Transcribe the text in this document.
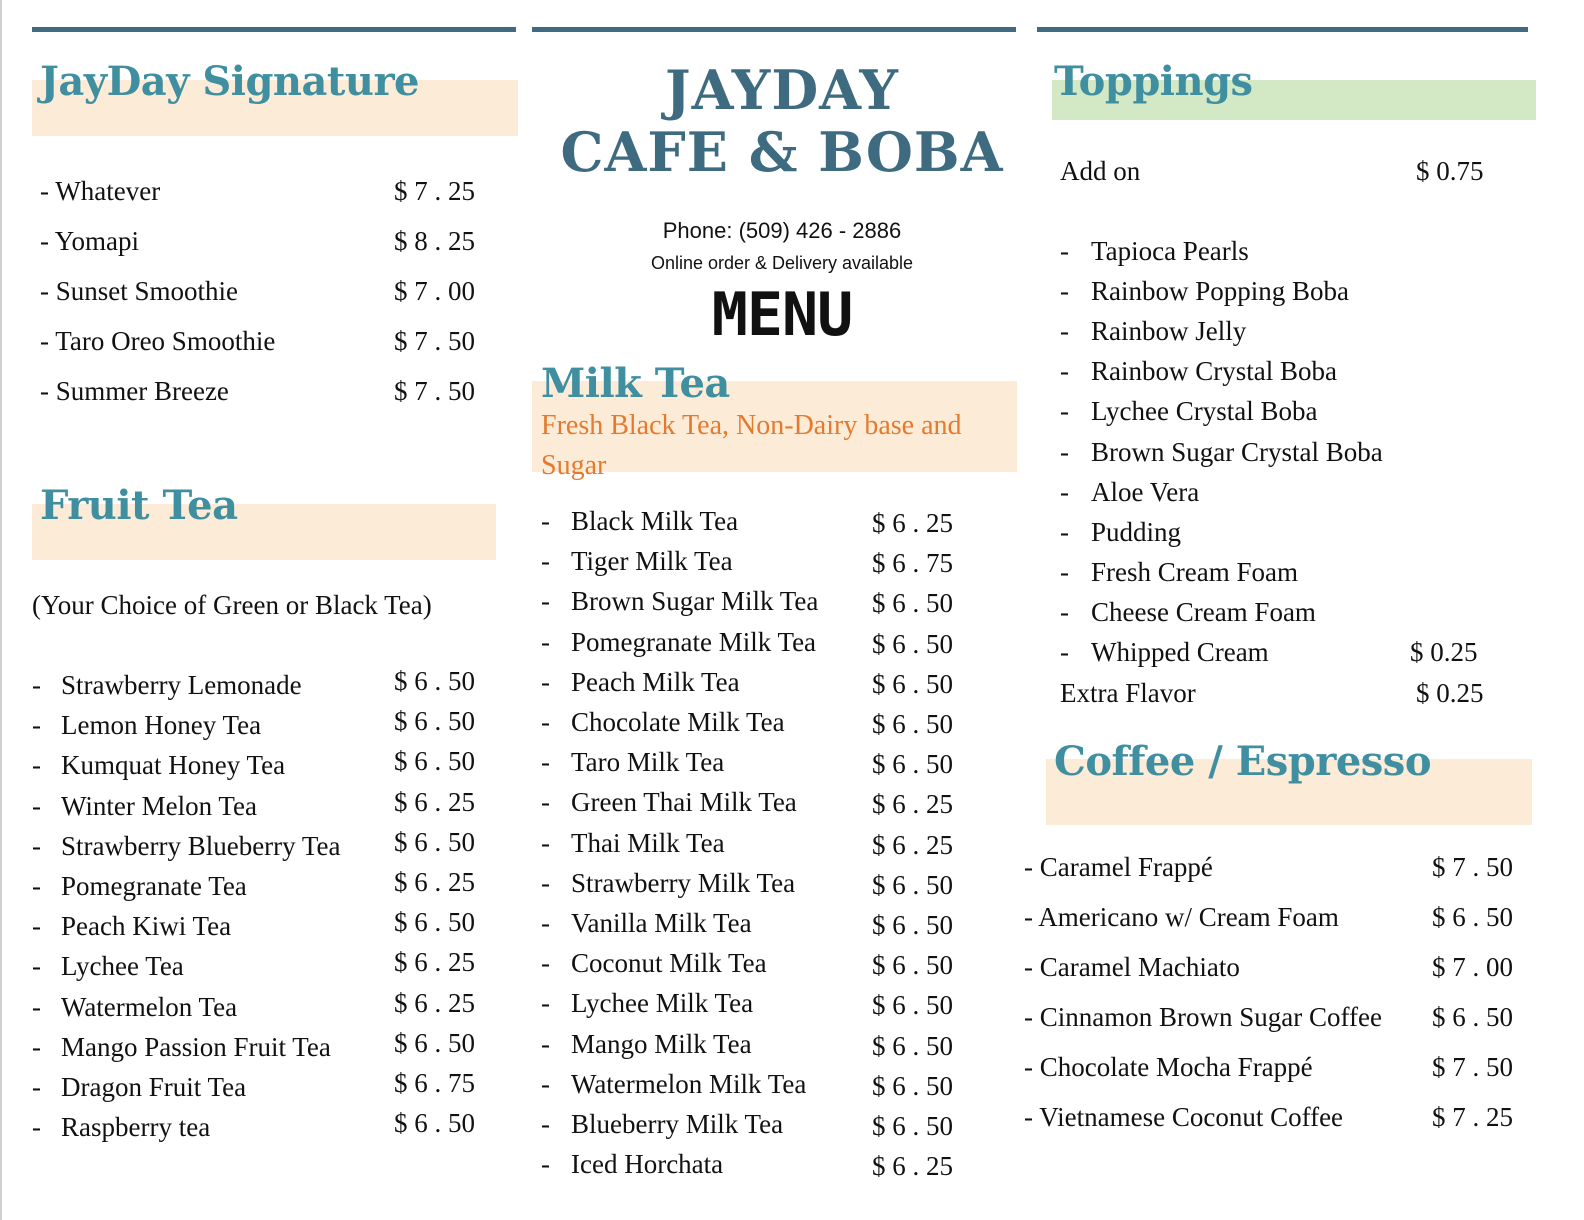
JayDay Signature
- Whatever	$ 7 . 25
- Yomapi	$ 8 . 25
- Sunset Smoothie	$ 7 . 00
- Taro Oreo Smoothie	$ 7 . 50
- Summer Breeze	$ 7 . 50
Fruit Tea
(Your Choice of Green or Black Tea)
- Strawberry Lemonade	$ 6 . 50
- Lemon Honey Tea	$ 6 . 50
- Kumquat Honey Tea	$ 6 . 50
- Winter Melon Tea	$ 6 . 25
- Strawberry Blueberry Tea $ 6 . 50
- Pomegranate Tea	$ 6 . 25
- Peach Kiwi Tea	$ 6 . 50
- Lychee Tea	$ 6 . 25
- Watermelon Tea	$ 6 . 25
- Mango Passion Fruit Tea $ 6 . 50
- Dragon Fruit Tea	$ 6 . 75
- Raspberry tea	$ 6 . 50
JAYDAY
CAFE & BOBA
Phone: (509) 426 - 2886
Online order & Delivery available
MENU
Milk Tea
Fresh Black Tea, Non-Dairy base and
Sugar
- Black Milk Tea	$ 6 . 25
- Tiger Milk Tea	$ 6 . 75
- Brown Sugar Milk Tea $ 6 . 50
- Pomegranate Milk Tea $ 6 . 50
- Peach Milk Tea	$ 6 . 50
- Chocolate Milk Tea	$ 6 . 50
- Taro Milk Tea	$ 6 . 50
- Green Thai Milk Tea	$ 6 . 25
- Thai Milk Tea	$ 6 . 25
- Strawberry Milk Tea	$ 6 . 50
- Vanilla Milk Tea	$ 6 . 50
- Coconut Milk Tea	$ 6 . 50
- Lychee Milk Tea	$ 6 . 50
- Mango Milk Tea	$ 6 . 50
- Watermelon Milk Tea $ 6 . 50
- Blueberry Milk Tea	$ 6 . 50
- Iced Horchata	$ 6 . 25
Toppings
Add on	$ 0.75
- Tapioca Pearls
- Rainbow Popping Boba
- Rainbow Jelly
- Rainbow Crystal Boba
- Lychee Crystal Boba
- Brown Sugar Crystal Boba
- Aloe Vera
- Pudding
- Fresh Cream Foam
- Cheese Cream Foam
- Whipped Cream	$ 0.25
Extra Flavor	$ 0.25
Coffee / Espresso
- Caramel Frappé	$ 7 . 50
- Americano w/ Cream Foam	$ 6 . 50
- Caramel Machiato	$ 7 . 00
- Cinnamon Brown Sugar Coffee $ 6 . 50
- Chocolate Mocha Frappé	$ 7 . 50
- Vietnamese Coconut Coffee	$ 7 . 25
